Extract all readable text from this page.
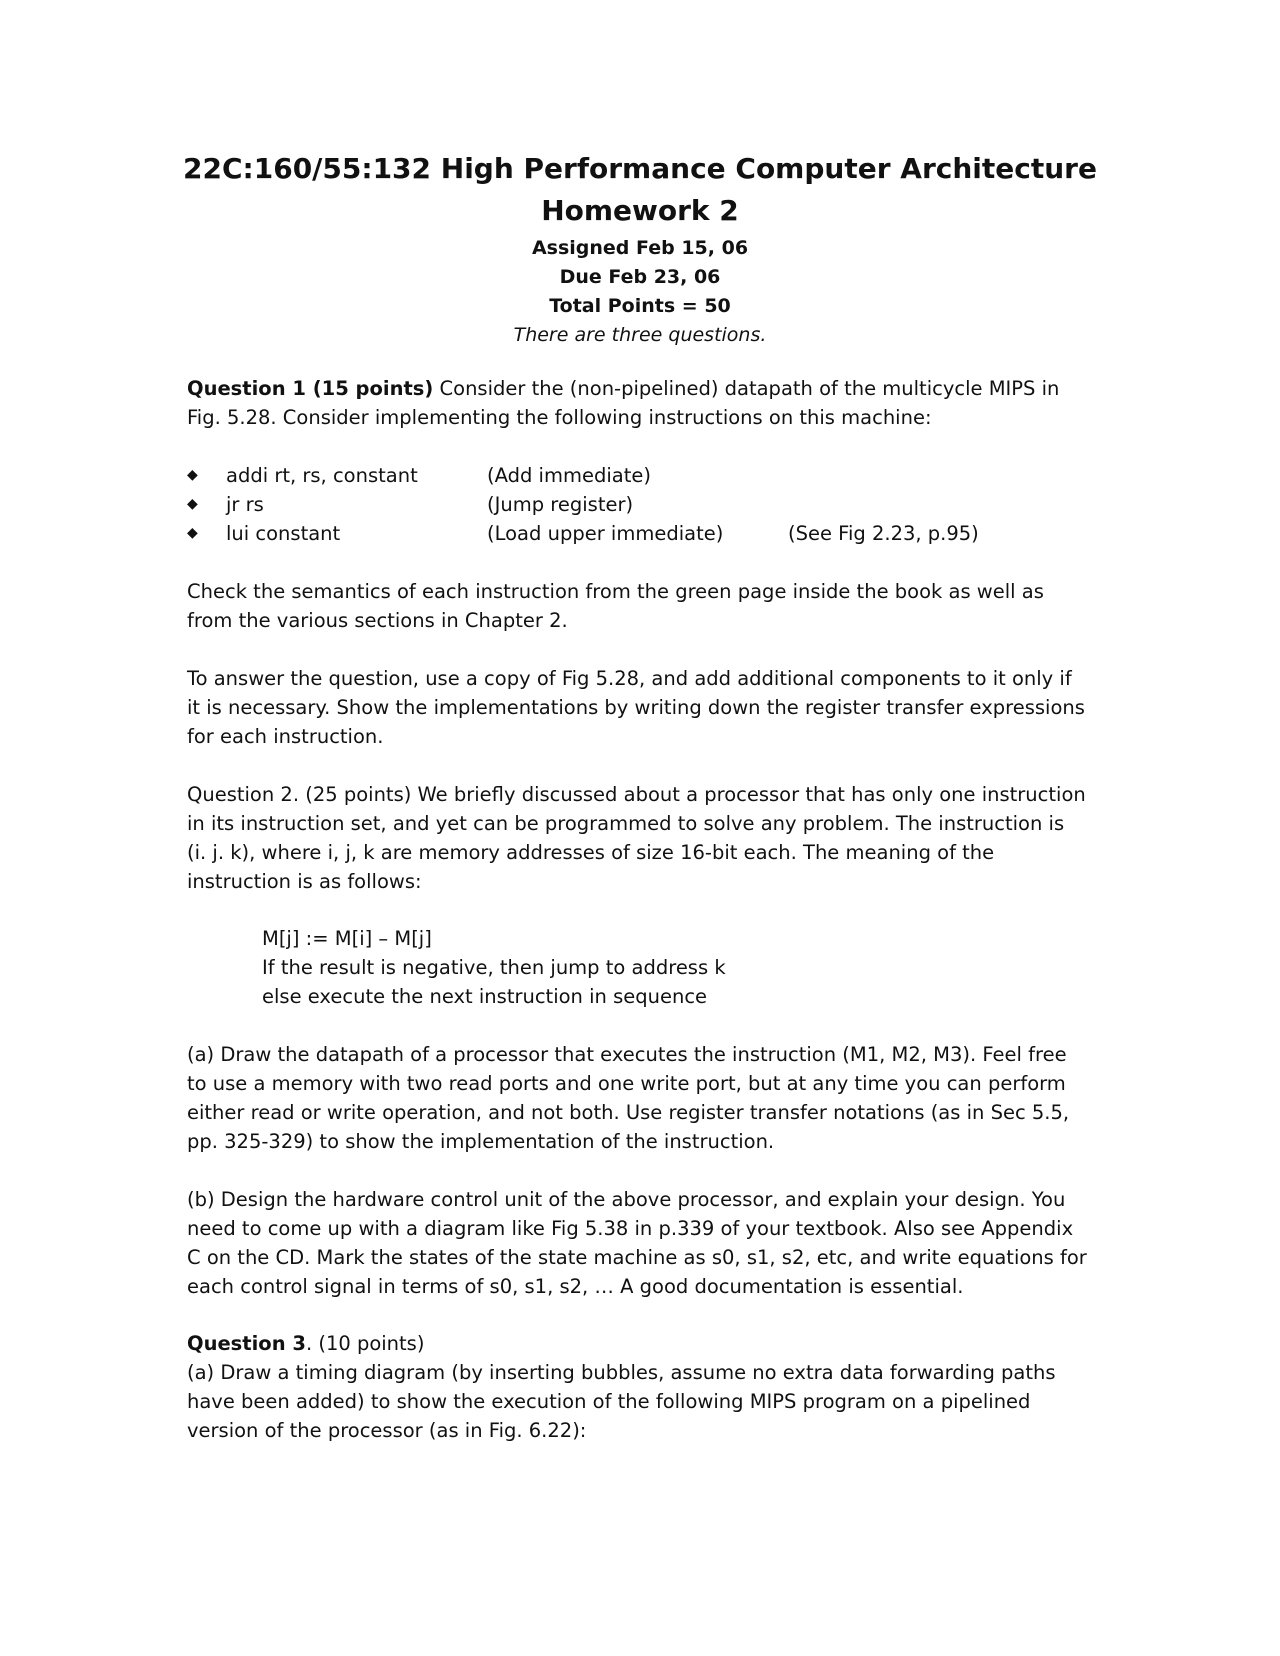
22C:160/55:132 High Performance Computer Architecture

Homework 2

Assigned Feb 15, 06

Due Feb 23, 06

Total Points = 50

There are three questions.

Question 1 (15 points) Consider the (non-pipelined) datapath of the multicycle MIPS in Fig. 5.28. Consider implementing the following instructions on this machine:

◆ addi rt, rs, constant	(Add immediate)
◆ jr rs	(Jump register)
◆ lui constant	(Load upper immediate)	(See Fig 2.23, p.95)

Check the semantics of each instruction from the green page inside the book as well as from the various sections in Chapter 2.

To answer the question, use a copy of Fig 5.28, and add additional components to it only if it is necessary. Show the implementations by writing down the register transfer expressions for each instruction.

Question 2. (25 points) We briefly discussed about a processor that has only one instruction in its instruction set, and yet can be programmed to solve any problem. The instruction is (i. j. k), where i, j, k are memory addresses of size 16-bit each. The meaning of the instruction is as follows:

M[j] := M[i] – M[j]
If the result is negative, then jump to address k
else execute the next instruction in sequence

(a) Draw the datapath of a processor that executes the instruction (M1, M2, M3). Feel free to use a memory with two read ports and one write port, but at any time you can perform either read or write operation, and not both. Use register transfer notations (as in Sec 5.5, pp. 325-329) to show the implementation of the instruction.

(b) Design the hardware control unit of the above processor, and explain your design. You need to come up with a diagram like Fig 5.38 in p.339 of your textbook. Also see Appendix C on the CD. Mark the states of the state machine as s0, s1, s2, etc, and write equations for each control signal in terms of s0, s1, s2, … A good documentation is essential.

Question 3. (10 points)

(a) Draw a timing diagram (by inserting bubbles, assume no extra data forwarding paths have been added) to show the execution of the following MIPS program on a pipelined version of the processor (as in Fig. 6.22):
